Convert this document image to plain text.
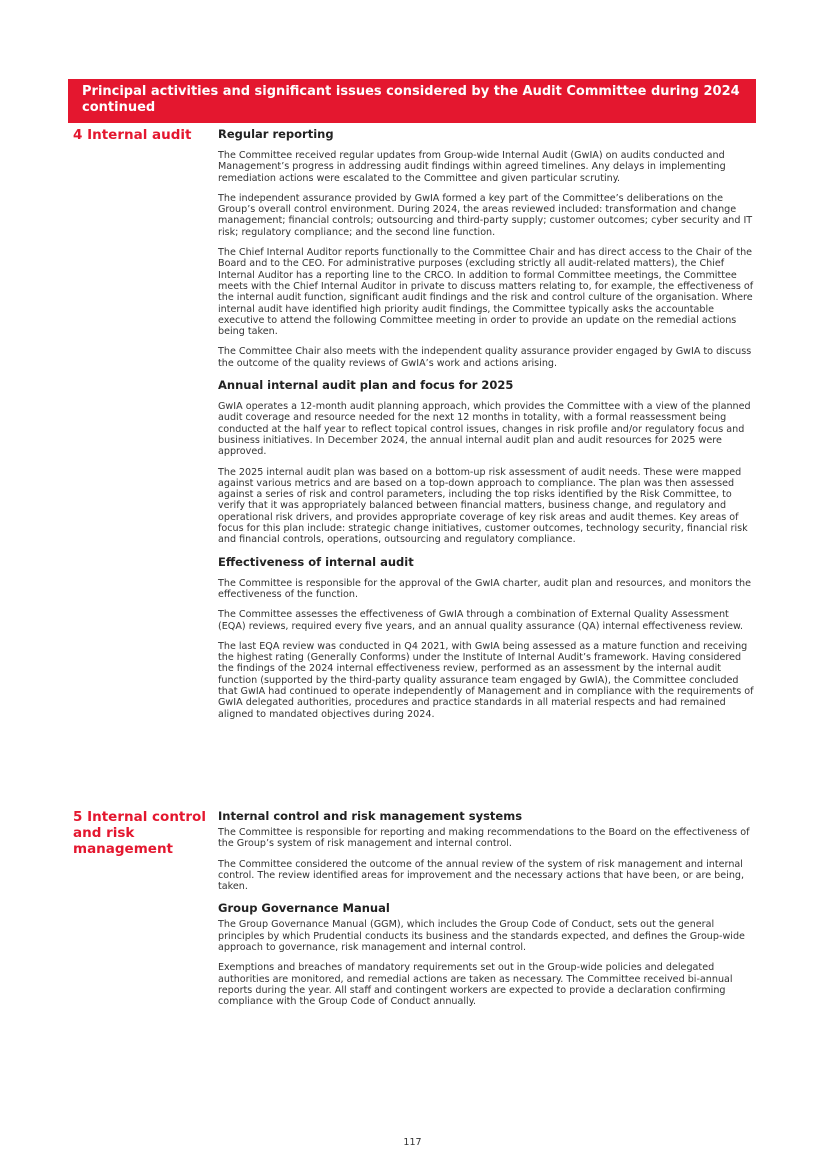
Principal activities and significant issues considered by the Audit Committee during 2024 continued
4 Internal audit	Regular reporting

The Committee received regular updates from Group-wide Internal Audit (GwIA) on audits conducted and Management’s progress in addressing audit findings within agreed timelines. Any delays in implementing remediation actions were escalated to the Committee and given particular scrutiny.

The independent assurance provided by GwIA formed a key part of the Committee’s deliberations on the Group’s overall control environment. During 2024, the areas reviewed included: transformation and change management; financial controls; outsourcing and third-party supply; customer outcomes; cyber security and IT risk; regulatory compliance; and the second line function.

The Chief Internal Auditor reports functionally to the Committee Chair and has direct access to the Chair of the Board and to the CEO. For administrative purposes (excluding strictly all audit-related matters), the Chief Internal Auditor has a reporting line to the CRCO. In addition to formal Committee meetings, the Committee meets with the Chief Internal Auditor in private to discuss matters relating to, for example, the effectiveness of the internal audit function, significant audit findings and the risk and control culture of the organisation. Where internal audit have identified high priority audit findings, the Committee typically asks the accountable executive to attend the following Committee meeting in order to provide an update on the remedial actions being taken.

The Committee Chair also meets with the independent quality assurance provider engaged by GwIA to discuss the outcome of the quality reviews of GwIA’s work and actions arising.

Annual internal audit plan and focus for 2025

GwIA operates a 12-month audit planning approach, which provides the Committee with a view of the planned audit coverage and resource needed for the next 12 months in totality, with a formal reassessment being conducted at the half year to reflect topical control issues, changes in risk profile and/or regulatory focus and business initiatives. In December 2024, the annual internal audit plan and audit resources for 2025 were approved.

The 2025 internal audit plan was based on a bottom-up risk assessment of audit needs. These were mapped against various metrics and are based on a top-down approach to compliance. The plan was then assessed against a series of risk and control parameters, including the top risks identified by the Risk Committee, to verify that it was appropriately balanced between financial matters, business change, and regulatory and operational risk drivers, and provides appropriate coverage of key risk areas and audit themes. Key areas of focus for this plan include: strategic change initiatives, customer outcomes, technology security, financial risk and financial controls, operations, outsourcing and regulatory compliance.

Effectiveness of internal audit

The Committee is responsible for the approval of the GwIA charter, audit plan and resources, and monitors the effectiveness of the function.

The Committee assesses the effectiveness of GwIA through a combination of External Quality Assessment (EQA) reviews, required every five years, and an annual quality assurance (QA) internal effectiveness review.

The last EQA review was conducted in Q4 2021, with GwIA being assessed as a mature function and receiving the highest rating (Generally Conforms) under the Institute of Internal Audit’s framework. Having considered the findings of the 2024 internal effectiveness review, performed as an assessment by the internal audit function (supported by the third-party quality assurance team engaged by GwIA), the Committee concluded that GwIA had continued to operate independently of Management and in compliance with the requirements of GwIA delegated authorities, procedures and practice standards in all material respects and had remained aligned to mandated objectives during 2024.

5 Internal control and risk management
Internal control and risk management systems

The Committee is responsible for reporting and making recommendations to the Board on the effectiveness of the Group’s system of risk management and internal control.

The Committee considered the outcome of the annual review of the system of risk management and internal control. The review identified areas for improvement and the necessary actions that have been, or are being, taken.

Group Governance Manual

The Group Governance Manual (GGM), which includes the Group Code of Conduct, sets out the general principles by which Prudential conducts its business and the standards expected, and defines the Group-wide approach to governance, risk management and internal control.

Exemptions and breaches of mandatory requirements set out in the Group-wide policies and delegated authorities are monitored, and remedial actions are taken as necessary. The Committee received bi-annual reports during the year. All staff and contingent workers are expected to provide a declaration confirming compliance with the Group Code of Conduct annually.

117
